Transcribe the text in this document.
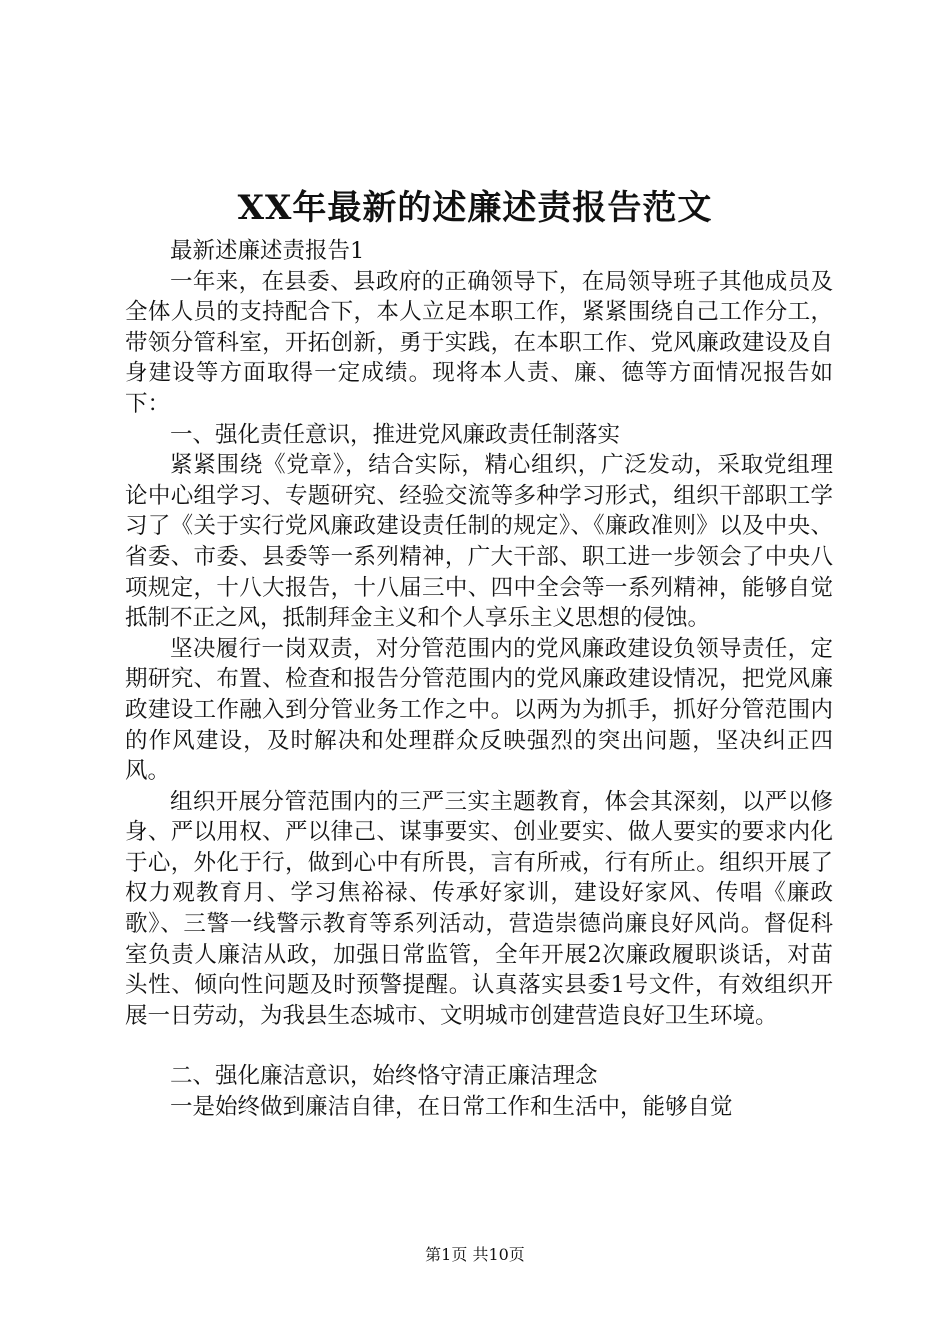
XX年最新的述廉述责报告范文

最新述廉述责报告1

一年来，在县委、县政府的正确领导下，在局领导班子其他成员及全体人员的支持配合下，本人立足本职工作，紧紧围绕自己工作分工，带领分管科室，开拓创新，勇于实践，在本职工作、党风廉政建设及自身建设等方面取得一定成绩。现将本人责、廉、德等方面情况报告如下：

一、强化责任意识，推进党风廉政责任制落实

紧紧围绕《党章》，结合实际，精心组织，广泛发动，采取党组理论中心组学习、专题研究、经验交流等多种学习形式，组织干部职工学习了《关于实行党风廉政建设责任制的规定》、《廉政准则》以及中央、省委、市委、县委等一系列精神，广大干部、职工进一步领会了中央八项规定，十八大报告，十八届三中、四中全会等一系列精神，能够自觉抵制不正之风，抵制拜金主义和个人享乐主义思想的侵蚀。

坚决履行一岗双责，对分管范围内的党风廉政建设负领导责任，定期研究、布置、检查和报告分管范围内的党风廉政建设情况，把党风廉政建设工作融入到分管业务工作之中。以两为为抓手，抓好分管范围内的作风建设，及时解决和处理群众反映强烈的突出问题，坚决纠正四风。

组织开展分管范围内的三严三实主题教育，体会其深刻，以严以修身、严以用权、严以律己、谋事要实、创业要实、做人要实的要求内化于心，外化于行，做到心中有所畏，言有所戒，行有所止。组织开展了权力观教育月、学习焦裕禄、传承好家训，建设好家风、传唱《廉政歌》、三警一线警示教育等系列活动，营造崇德尚廉良好风尚。督促科室负责人廉洁从政，加强日常监管，全年开展2次廉政履职谈话，对苗头性、倾向性问题及时预警提醒。认真落实县委1号文件，有效组织开展一日劳动，为我县生态城市、文明城市创建营造良好卫生环境。

二、强化廉洁意识，始终恪守清正廉洁理念

一是始终做到廉洁自律，在日常工作和生活中，能够自觉

第1页 共10页
